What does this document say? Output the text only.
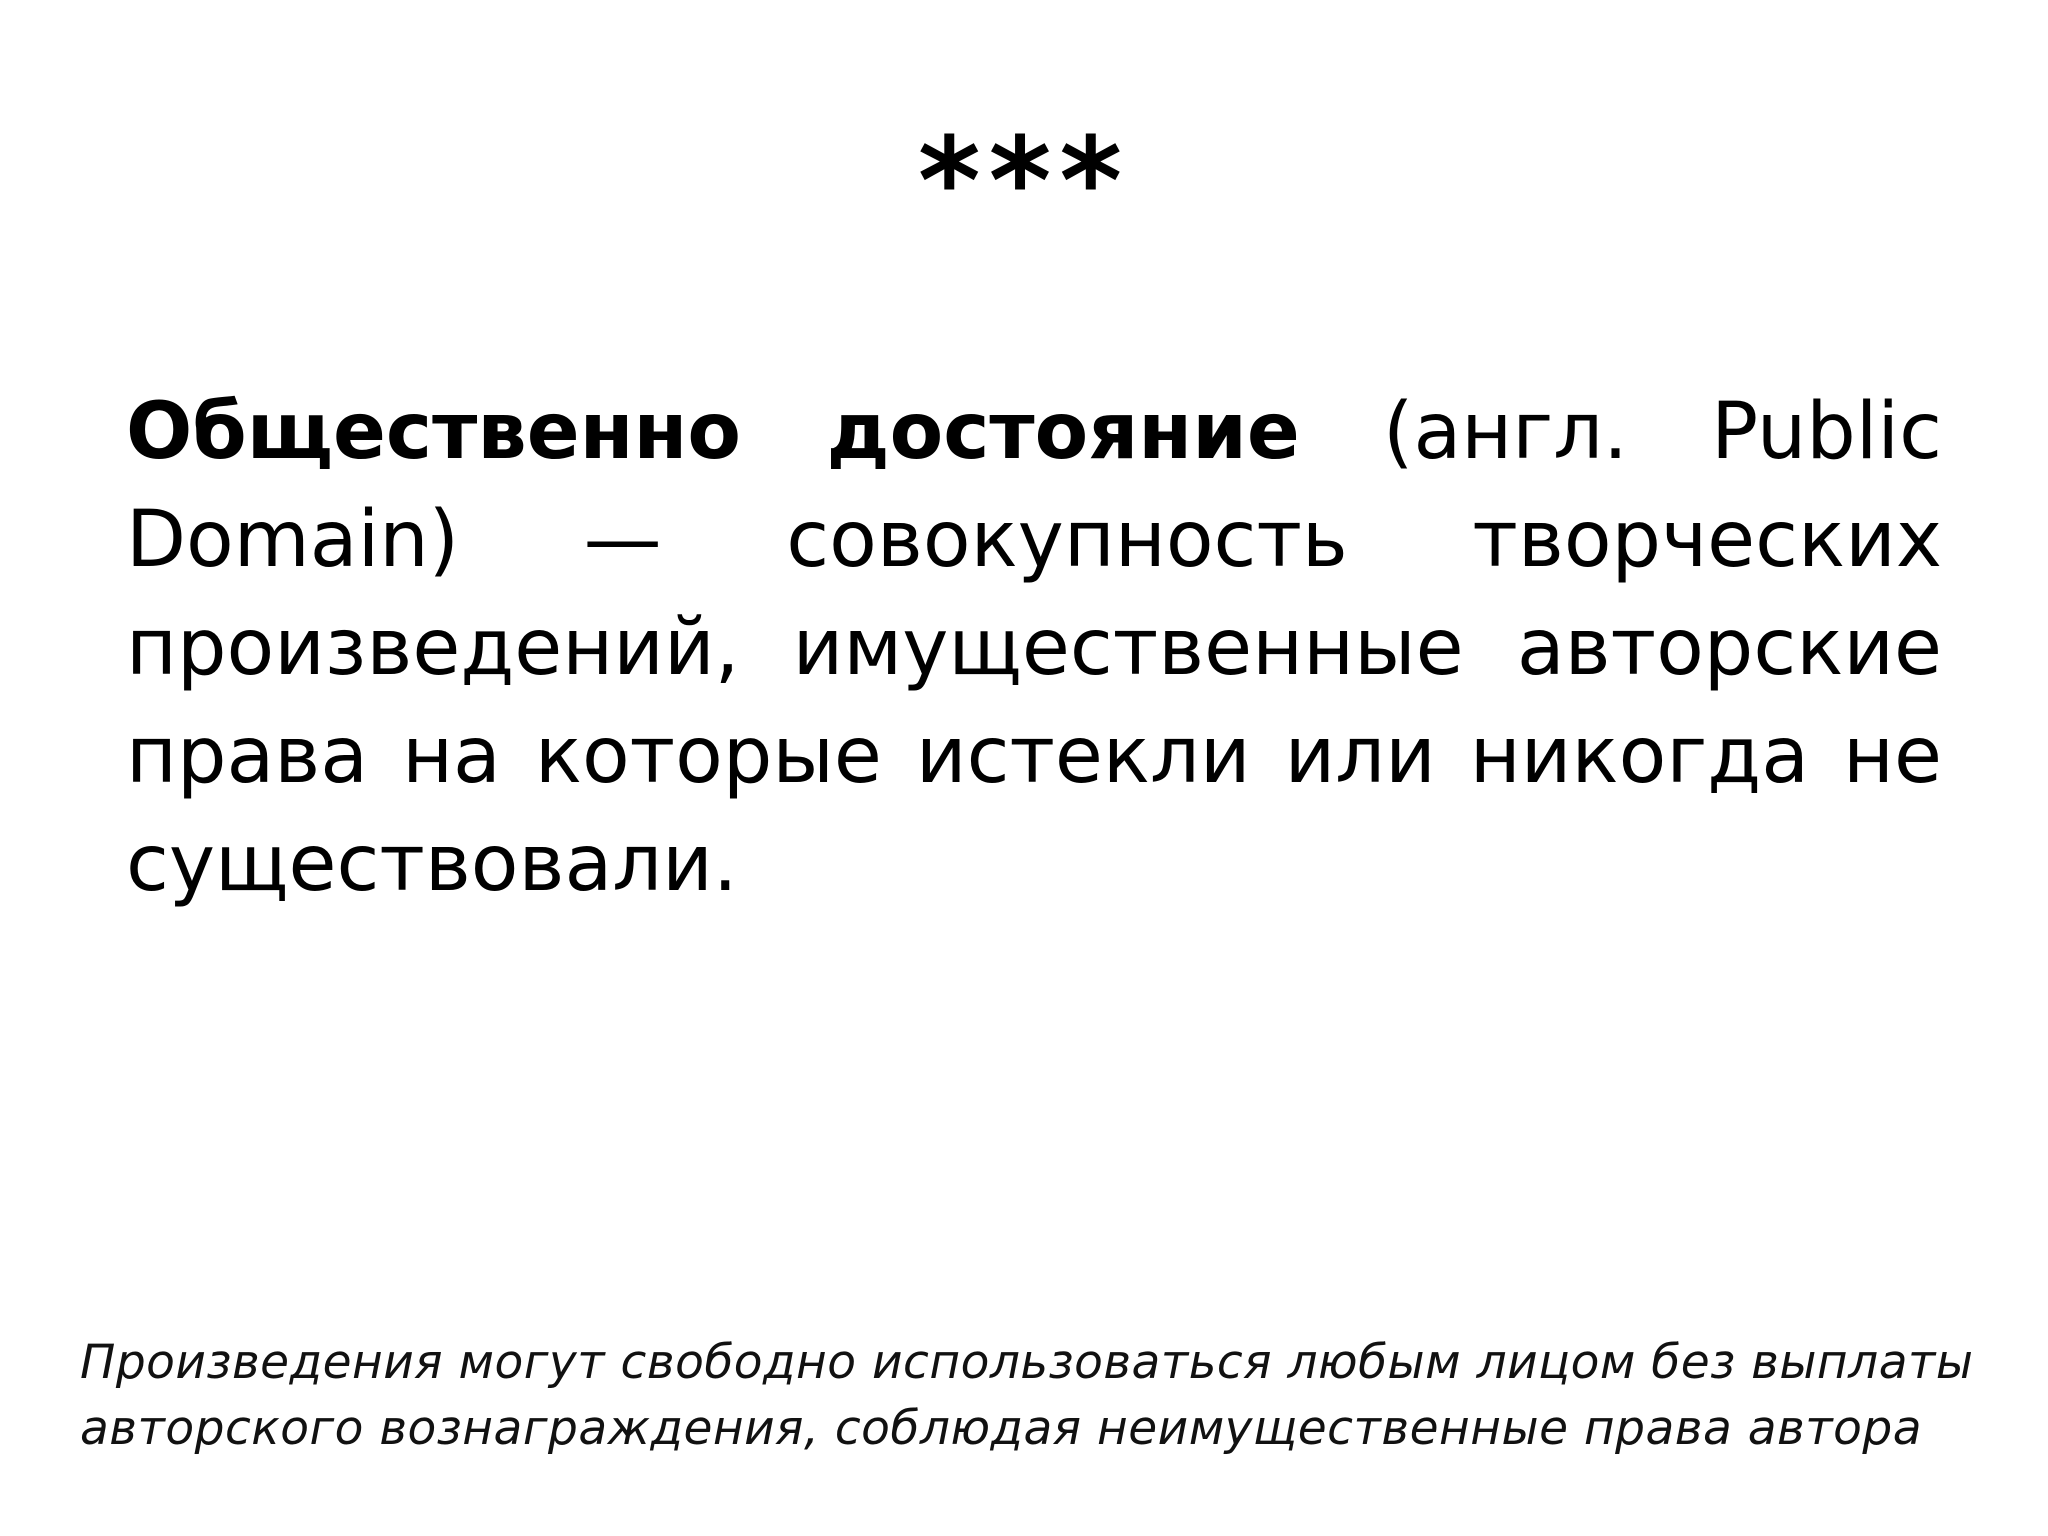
***
Общественно достояние (англ. Public Domain) — совокупность творческих произведений, имущественные авторские права на которые истекли или никогда не существовали.
Произведения могут свободно использоваться любым лицом без выплаты
авторского вознаграждения, соблюдая неимущественные права автора
